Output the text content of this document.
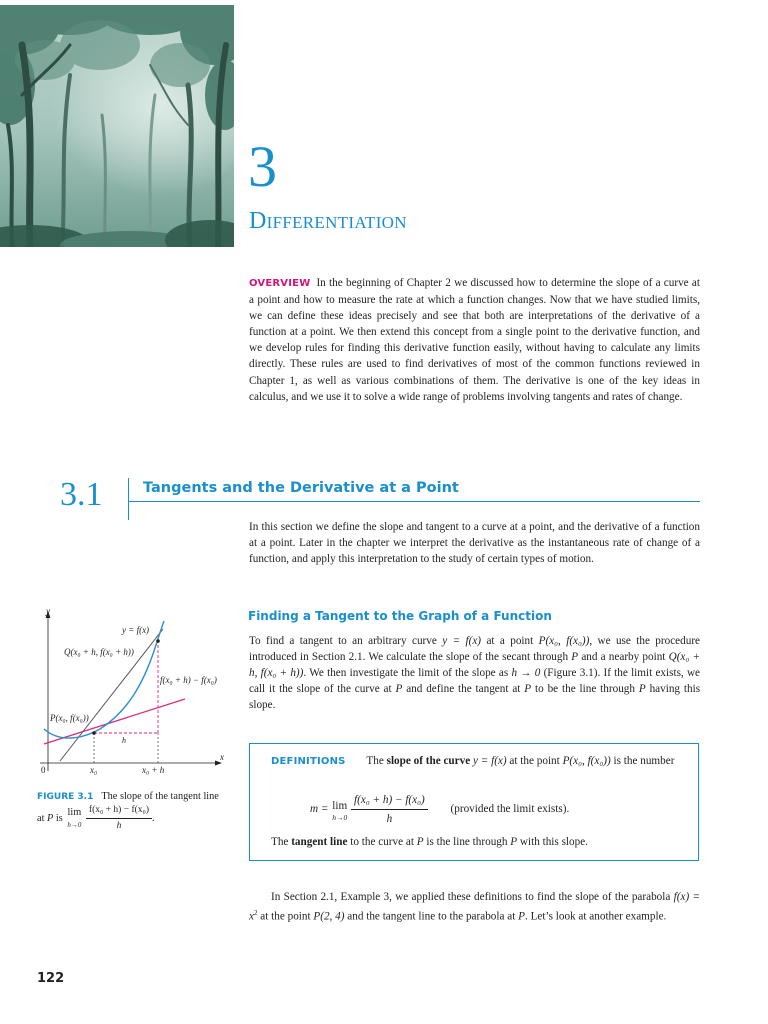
3
Differentiation
OVERVIEW In the beginning of Chapter 2 we discussed how to determine the slope of a curve at a point and how to measure the rate at which a function changes. Now that we have studied limits, we can define these ideas precisely and see that both are interpretations of the derivative of a function at a point. We then extend this concept from a single point to the derivative function, and we develop rules for finding this derivative function easily, without having to calculate any limits directly. These rules are used to find derivatives of most of the common functions reviewed in Chapter 1, as well as various combinations of them. The derivative is one of the key ideas in calculus, and we use it to solve a wide range of problems involving tangents and rates of change.
3.1	Tangents and the Derivative at a Point
In this section we define the slope and tangent to a curve at a point, and the derivative of a function at a point. Later in the chapter we interpret the derivative as the instantaneous rate of change of a function, and apply this interpretation to the study of certain types of motion.
Finding a Tangent to the Graph of a Function
To find a tangent to an arbitrary curve y = f(x) at a point P(x₀, f(x₀)), we use the procedure introduced in Section 2.1. We calculate the slope of the secant through P and a nearby point Q(x₀ + h, f(x₀ + h)). We then investigate the limit of the slope as h → 0 (Figure 3.1). If the limit exists, we call it the slope of the curve at P and define the tangent at P to be the line through P having this slope.
y
x
0
y = f(x)
Q(x₀ + h, f(x₀ + h))
P(x₀, f(x₀))
f(x₀ + h) − f(x₀)
h
x₀	x₀ + h
FIGURE 3.1 The slope of the tangent line at P is
lim
h→0
$\frac{\text{f(x₀ + h) − f(x₀)}}{h}$ .
DEFINITIONS The slope of the curve y = f(x) at the point P(x₀, f(x₀)) is the number
m = lim
h→0
$\frac{\text{f(x₀ + h) − f(x₀)}}{h}$ (provided the limit exists).
The tangent line to the curve at P is the line through P with this slope.
In Section 2.1, Example 3, we applied these definitions to find the slope of the parabola $f(x) = x^2$ at the point P(2, 4) and the tangent line to the parabola at P. Let’s look at another example.
122
